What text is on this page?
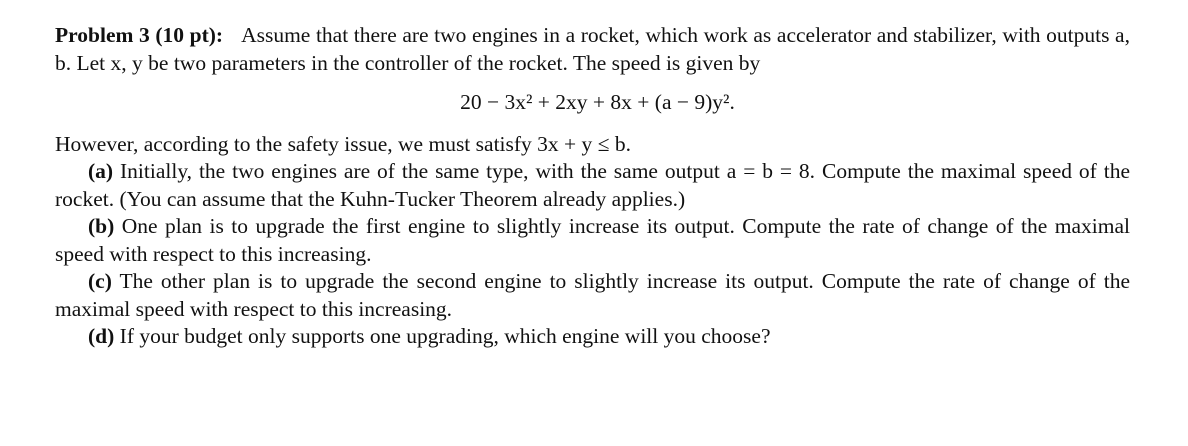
Problem 3 (10 pt): Assume that there are two engines in a rocket, which work as accelerator and stabilizer, with outputs a, b. Let x, y be two parameters in the controller of the rocket. The speed is given by

20 − 3x² + 2xy + 8x + (a − 9)y².

However, according to the safety issue, we must satisfy 3x + y ≤ b.

(a) Initially, the two engines are of the same type, with the same output a = b = 8. Compute the maximal speed of the rocket. (You can assume that the Kuhn-Tucker Theorem already applies.)

(b) One plan is to upgrade the first engine to slightly increase its output. Compute the rate of change of the maximal speed with respect to this increasing.

(c) The other plan is to upgrade the second engine to slightly increase its output. Compute the rate of change of the maximal speed with respect to this increasing.

(d) If your budget only supports one upgrading, which engine will you choose?
